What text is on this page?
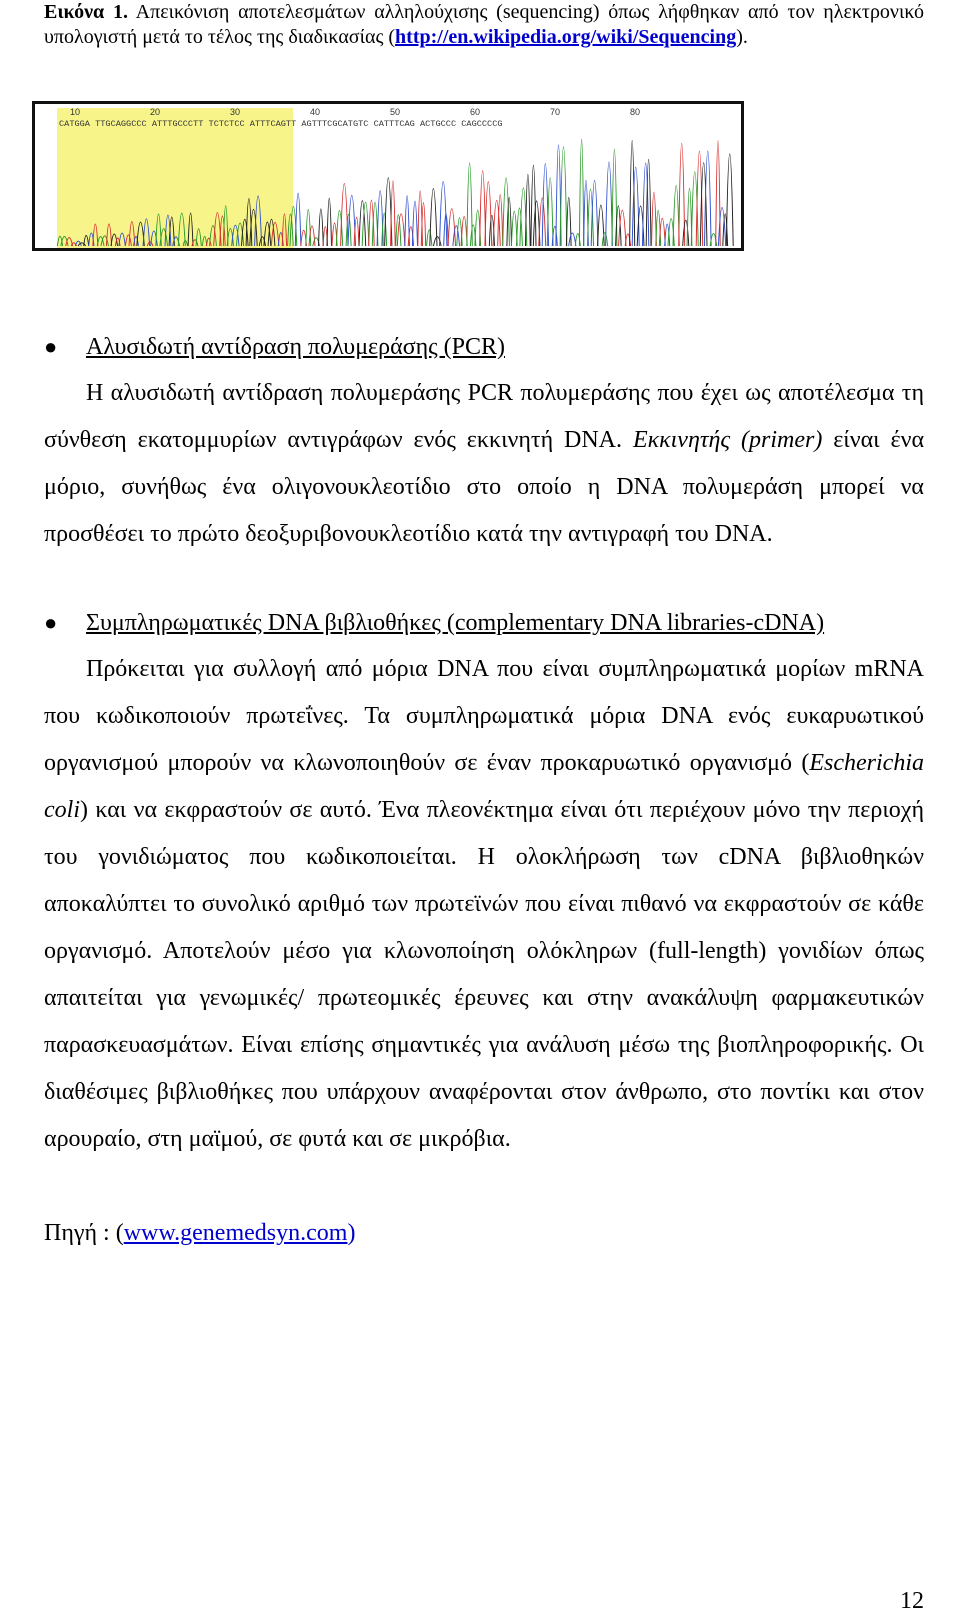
Εικόνα 1. Απεικόνιση αποτελεσμάτων αλληλούχισης (sequencing) όπως λήφθηκαν από τον ηλεκτρονικό υπολογιστή μετά το τέλος της διαδικασίας (http://en.wikipedia.org/wiki/Sequencing).
10	20	30	40	50	60	70	80
CATGGA TTGCAGGCCC ATTTGCCCTT TCTCTCC ATTTCAGTT AGTTTCGCATGTC CATTTCAG ACTGCCC CAGCCCCG
● Αλυσιδωτή αντίδραση πολυμεράσης (PCR)
Η αλυσιδωτή αντίδραση πολυμεράσης PCR πολυμεράσης που έχει ως αποτέλεσμα τη σύνθεση εκατομμυρίων αντιγράφων ενός εκκινητή DNA. Εκκινητής (primer) είναι ένα μόριο, συνήθως ένα ολιγονουκλεοτίδιο στο οποίο η DNA πολυμεράση μπορεί να προσθέσει το πρώτο δεοξυριβονουκλεοτίδιο κατά την αντιγραφή του DNA.
● Συμπληρωματικές DNA βιβλιοθήκες (complementary DNA libraries-cDNA)
Πρόκειται για συλλογή από μόρια DNA που είναι συμπληρωματικά μορίων mRNA που κωδικοποιούν πρωτεΐνες. Τα συμπληρωματικά μόρια DNA ενός ευκαρυωτικού οργανισμού μπορούν να κλωνοποιηθούν σε έναν προκαρυωτικό οργανισμό (Escherichia coli) και να εκφραστούν σε αυτό. Ένα πλεονέκτημα είναι ότι περιέχουν μόνο την περιοχή του γονιδιώματος που κωδικοποιείται. Η ολοκλήρωση των cDNA βιβλιοθηκών αποκαλύπτει το συνολικό αριθμό των πρωτεϊνών που είναι πιθανό να εκφραστούν σε κάθε οργανισμό. Αποτελούν μέσο για κλωνοποίηση ολόκληρων (full-length) γονιδίων όπως απαιτείται για γενωμικές/ πρωτεομικές έρευνες και στην ανακάλυψη φαρμακευτικών παρασκευασμάτων. Είναι επίσης σημαντικές για ανάλυση μέσω της βιοπληροφορικής. Οι διαθέσιμες βιβλιοθήκες που υπάρχουν αναφέρονται στον άνθρωπο, στο ποντίκι και στον αρουραίο, στη μαϊμού, σε φυτά και σε μικρόβια.
Πηγή : (www.genemedsyn.com)
12
